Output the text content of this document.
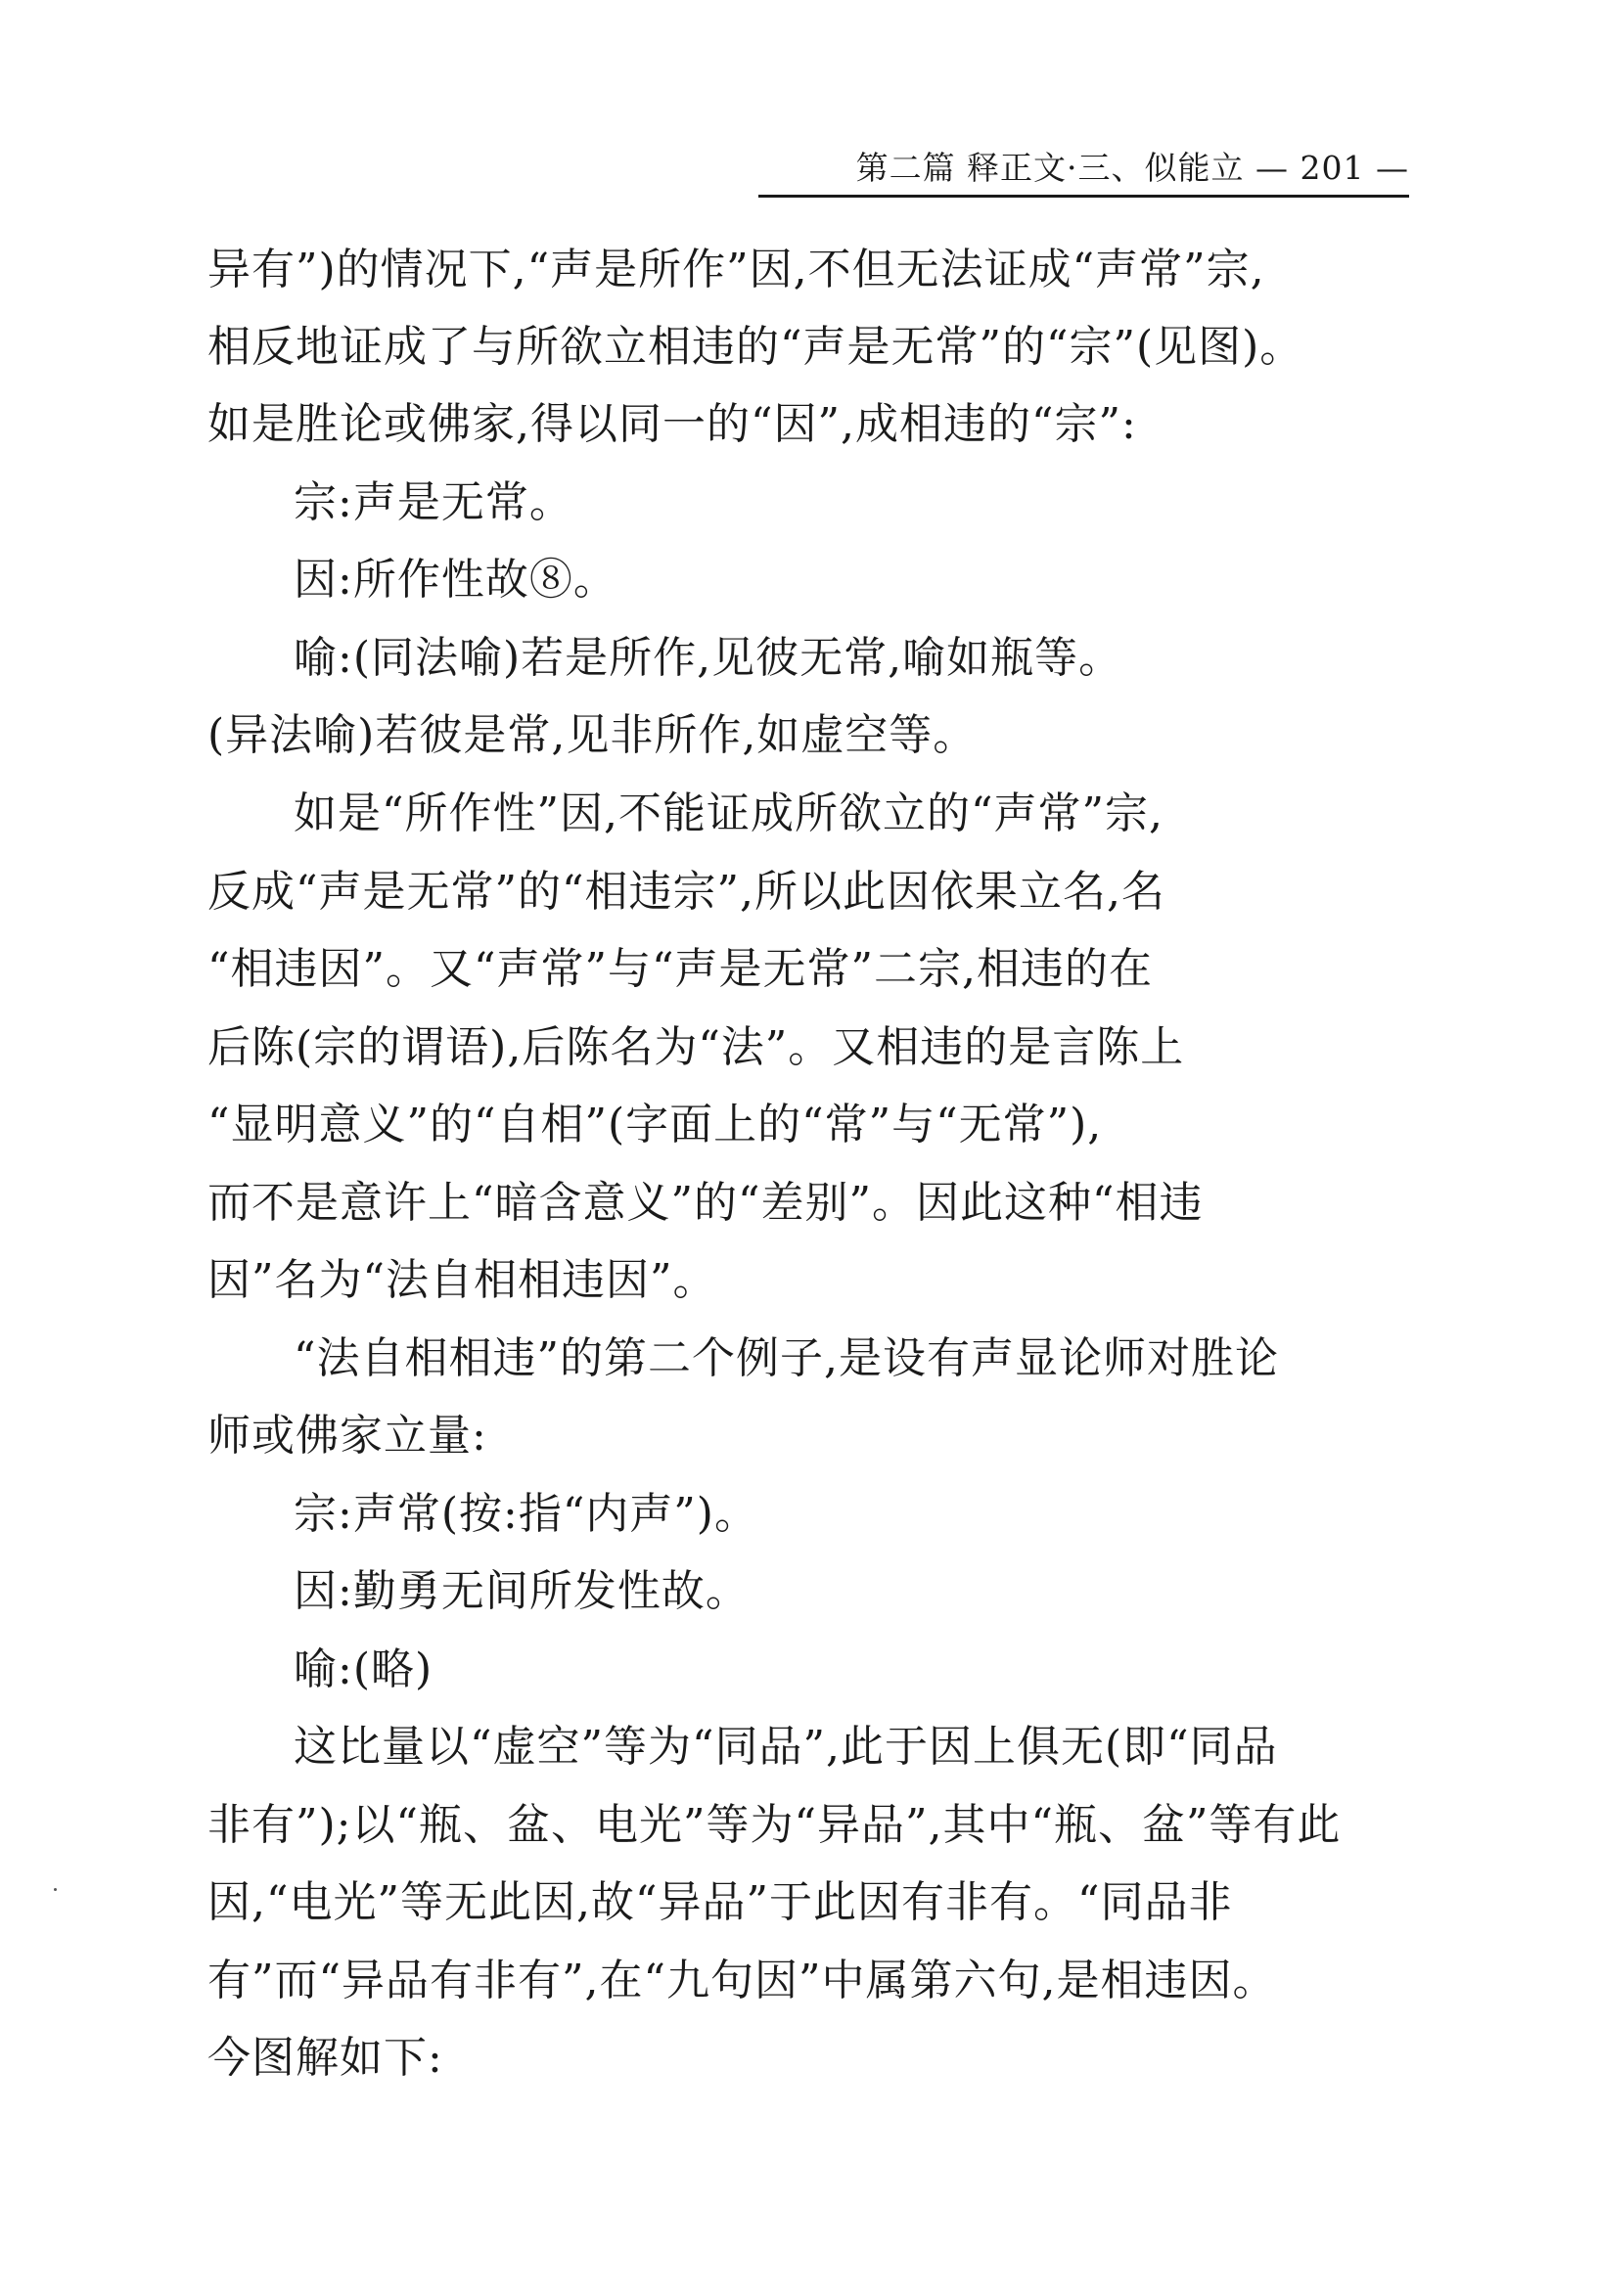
第二篇 释正文·三、似能立 — 201 —
异有”)的情况下,“声是所作”因,不但无法证成“声常”宗,
相反地证成了与所欲立相违的“声是无常”的“宗”(见图)。
如是胜论或佛家,得以同一的“因”,成相违的“宗”:
宗:声是无常。
因:所作性故⑧。
喻:(同法喻)若是所作,见彼无常,喻如瓶等。
(异法喻)若彼是常,见非所作,如虚空等。
如是“所作性”因,不能证成所欲立的“声常”宗,
反成“声是无常”的“相违宗”,所以此因依果立名,名
“相违因”。又“声常”与“声是无常”二宗,相违的在
后陈(宗的谓语),后陈名为“法”。又相违的是言陈上
“显明意义”的“自相”(字面上的“常”与“无常”),
而不是意许上“暗含意义”的“差别”。因此这种“相违
因”名为“法自相相违因”。
“法自相相违”的第二个例子,是设有声显论师对胜论
师或佛家立量:
宗:声常(按:指“内声”)。
因:勤勇无间所发性故。
喻:(略)
这比量以“虚空”等为“同品”,此于因上俱无(即“同品
非有”);以“瓶、盆、电光”等为“异品”,其中“瓶、盆”等有此
因,“电光”等无此因,故“异品”于此因有非有。“同品非
有”而“异品有非有”,在“九句因”中属第六句,是相违因。
今图解如下:
